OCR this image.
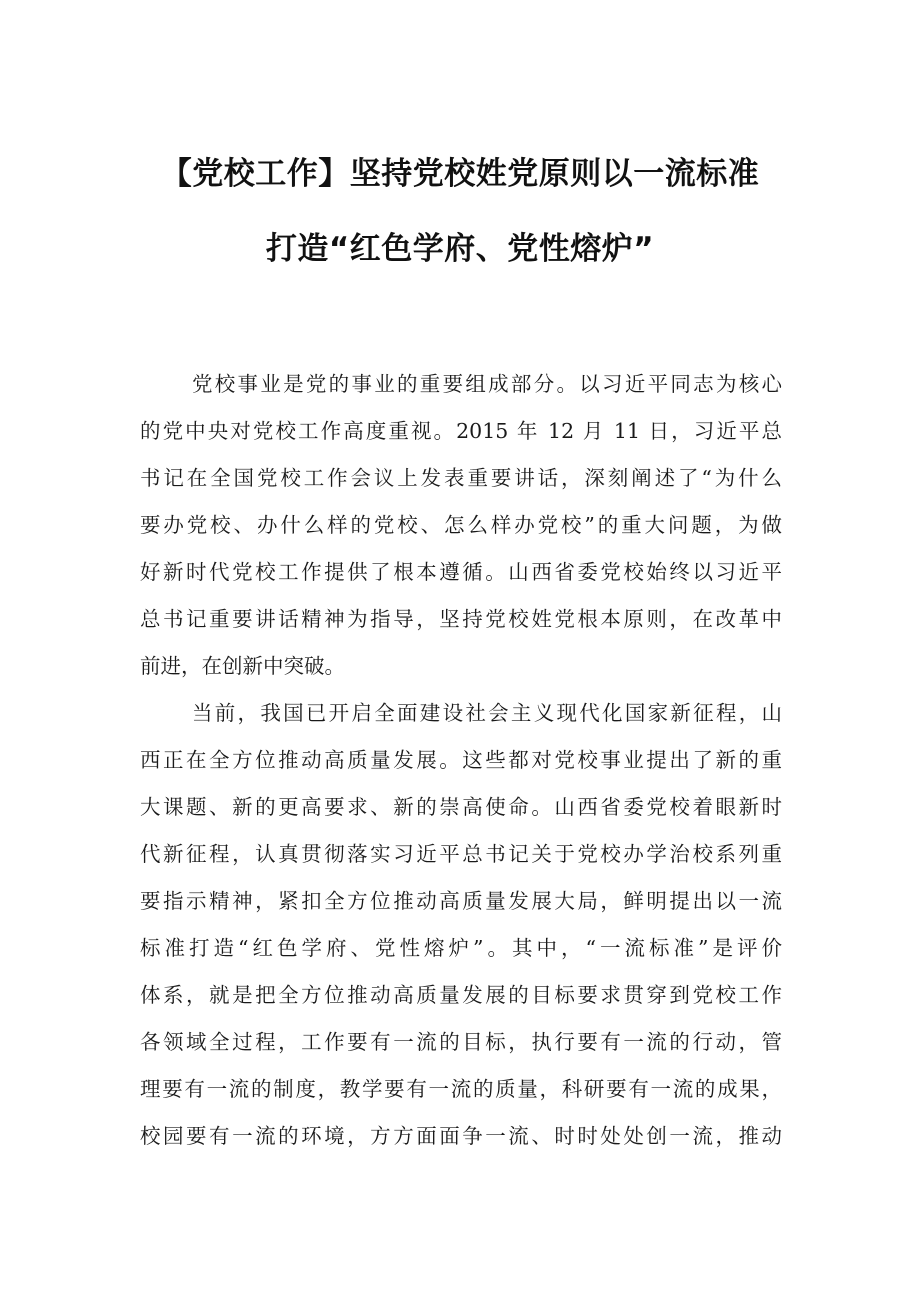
【党校工作】坚持党校姓党原则以一流标准
打造“红色学府、党性熔炉”
党校事业是党的事业的重要组成部分。以习近平同志为核心
的党中央对党校工作高度重视。2015 年 12 月 11 日，习近平总
书记在全国党校工作会议上发表重要讲话，深刻阐述了“为什么
要办党校、办什么样的党校、怎么样办党校”的重大问题，为做
好新时代党校工作提供了根本遵循。山西省委党校始终以习近平
总书记重要讲话精神为指导，坚持党校姓党根本原则，在改革中
前进，在创新中突破。
当前，我国已开启全面建设社会主义现代化国家新征程，山
西正在全方位推动高质量发展。这些都对党校事业提出了新的重
大课题、新的更高要求、新的崇高使命。山西省委党校着眼新时
代新征程，认真贯彻落实习近平总书记关于党校办学治校系列重
要指示精神，紧扣全方位推动高质量发展大局，鲜明提出以一流
标准打造“红色学府、党性熔炉”。其中，“一流标准”是评价
体系，就是把全方位推动高质量发展的目标要求贯穿到党校工作
各领域全过程，工作要有一流的目标，执行要有一流的行动，管
理要有一流的制度，教学要有一流的质量，科研要有一流的成果，
校园要有一流的环境，方方面面争一流、时时处处创一流，推动
